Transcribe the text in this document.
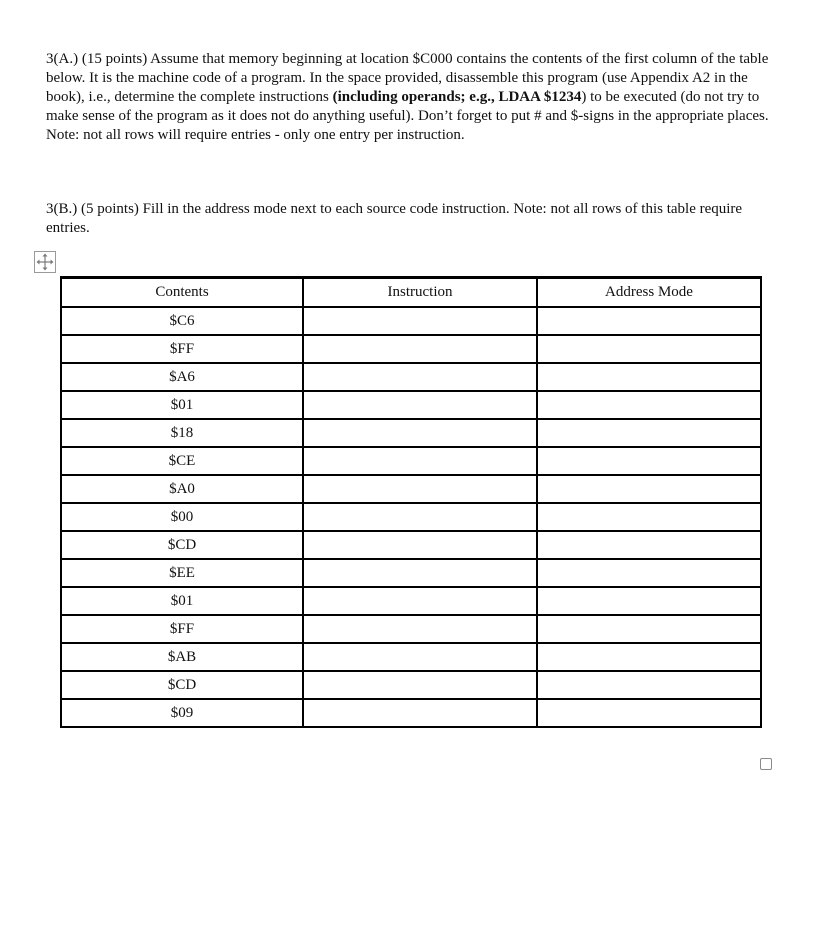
3(A.) (15 points) Assume that memory beginning at location $C000 contains the contents of the first column of the table below. It is the machine code of a program. In the space provided, disassemble this program (use Appendix A2 in the book), i.e., determine the complete instructions (including operands; e.g., LDAA $1234) to be executed (do not try to make sense of the program as it does not do anything useful). Don’t forget to put # and $-signs in the appropriate places. Note: not all rows will require entries - only one entry per instruction.

3(B.) (5 points) Fill in the address mode next to each source code instruction. Note: not all rows of this table require entries.

Contents	Instruction	Address Mode
$C6		
$FF		
$A6		
$01		
$18		
$CE		
$A0		
$00		
$CD		
$EE		
$01		
$FF		
$AB		
$CD		
$09		
